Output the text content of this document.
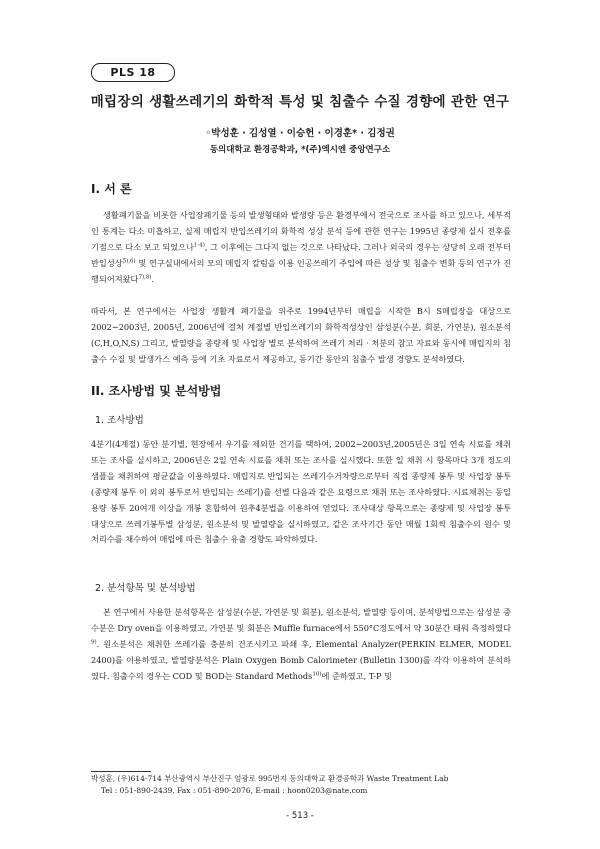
PLS 18
매립장의 생활쓰레기의 화학적 특성 및 침출수 수질 경향에 관한 연구
◦박성훈 · 김성열 · 이승헌 · 이경훈* · 김정권
동의대학교 환경공학과, *(주)엑시엔 중앙연구소
I. 서 론

생활폐기물을 비롯한 사업장폐기물 등의 발생형태와 발생량 등은 환경부에서 전국으로 조사를 하고 있으나, 세부적인 통계는 다소 미흡하고, 실제 매립지 반입쓰레기의 화학적 성상 분석 등에 관한 연구는 1995년 종량제 실시 전후를 기점으로 다소 보고 되었으나$^{1-4)}$, 그 이후에는 그다지 없는 것으로 나타났다. 그러나 외국의 경우는 상당히 오래 전부터 반입성상$^{5),6)}$ 및 연구실내에서의 모의 매립지 칼럼을 이용 인공쓰레기 주입에 따른 성상 및 침출수 변화 등의 연구가 진행되어져왔다$^{7),8)}$.

따라서, 본 연구에서는 사업장 생활계 폐기물을 위주로 1994년부터 매립을 시작한 B시 S매립장을 대상으로 2002∼2003년, 2005년, 2006년에 걸쳐 계절별 반입쓰레기의 화학적성상인 삼성분(수분, 회분, 가연분), 원소분석(C,H,O,N,S) 그리고, 발열량을 종량제 및 사업장 별로 분석하여 쓰레기 처리 · 처분의 참고 자료와 동시에 매립지의 침출수 수질 및 발생가스 예측 등에 기초 자료로서 제공하고, 동기간 동안의 침출수 발생 경향도 분석하였다.

II. 조사방법 및 분석방법
1. 조사방법

4분기(4계절) 동안 분기별, 현장에서 우기를 제외한 건기를 택하여, 2002∼2003년,2005년은 3일 연속 시료를 채취 또는 조사를 실시하고, 2006년은 2일 연속 시료를 채취 또는 조사를 실시했다. 또한 일 채취 시 항목마다 3개 정도의 샘플을 채취하여 평균값을 이용하였다. 매립지로 반입되는 쓰레기수거차량으로부터 직접 종량제 봉투 및 사업장 봉투(종량제 봉투 이 외의 봉투로서 반입되는 쓰레기)를 선별 다음과 같은 요령으로 채취 또는 조사하였다. 시료채취는 동일용량 봉투 20여개 이상을 개봉 혼합하여 원추4분법을 이용하여 얻었다. 조사대상 항목으로는 종량제 및 사업장 봉투 대상으로 쓰레기봉투별 삼성분, 원소분석 및 발열량을 실시하였고, 같은 조사기간 동안 매월 1회씩 침출수의 원수 및 처리수를 채수하여 매립에 따른 침출수 유출 경향도 파악하였다.

2. 분석항목 및 분석방법

본 연구에서 사용한 분석항목은 삼성분(수분, 가연분 및 회분), 원소분석, 발열량 등이며, 분석방법으로는 삼성분 중 수분은 Dry oven을 이용하였고, 가연분 및 회분은 Muffle furnace에서 550°C정도에서 약 30분간 태워 측정하였다$^{9)}$. 원소분석은 채취한 쓰레기를 충분히 건조시키고 파쇄 후, Elemental Analyzer(PERKIN ELMER, MODEL 2400)를 이용하였고, 발열량분석은 Plain Oxygen Bomb Calorimeter (Bulletin 1300)를 각각 이용하여 분석하였다. 침출수의 경우는 COD 및 BOD는 Standard Methods$^{10)}$에 준하였고, T-P 및

박성훈, (우)614-714 부산광역시 부산진구 엄광로 995번지 동의대학교 환경공학과 Waste Treatment Lab
Tel : 051-890-2439, Fax : 051-890-2076, E-mail : hoon0203@nate.com

- 513 -
